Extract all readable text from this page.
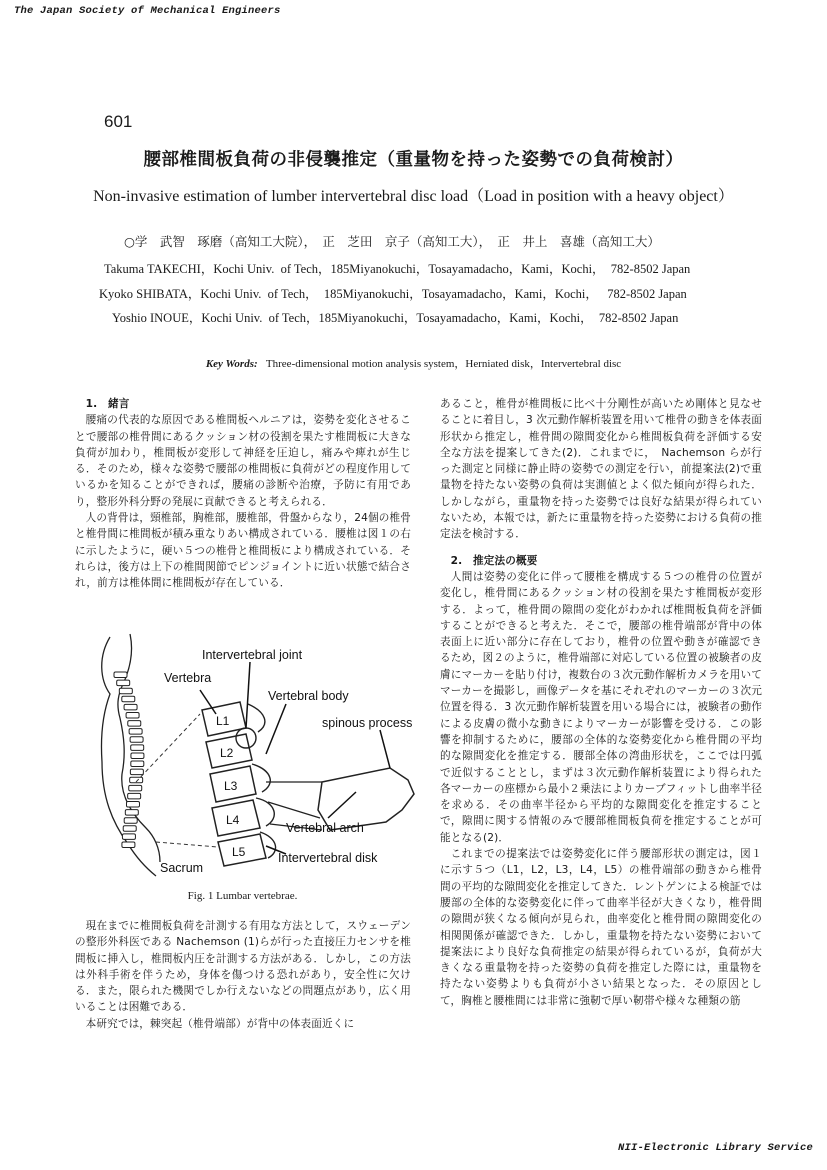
The Japan Society of Mechanical Engineers
601
腰部椎間板負荷の非侵襲推定（重量物を持った姿勢での負荷検討）
Non-invasive estimation of lumber intervertebral disc load（Load in position with a heavy object）
○学　武智　琢磨（高知工大院），　正　芝田　京子（高知工大），　正　井上　喜雄（高知工大）
Takuma TAKECHI，Kochi Univ.  of Tech，185Miyanokuchi，Tosayamadacho，Kami，Kochi，  782-8502 Japan
Kyoko SHIBATA，Kochi Univ.  of Tech，  185Miyanokuchi，Tosayamadacho，Kami，Kochi，   782-8502 Japan
Yoshio INOUE，Kochi Univ.  of Tech，185Miyanokuchi，Tosayamadacho，Kami，Kochi，  782-8502 Japan
Key Words: Three-dimensional motion analysis system，Herniated disk，Intervertebral disc

1.　緒言

腰痛の代表的な原因である椎間板ヘルニアは，姿勢を変化させることで腰部の椎骨間にあるクッション材の役割を果たす椎間板に大きな負荷が加わり，椎間板が変形して神経を圧迫し，痛みや痺れが生じる．そのため，様々な姿勢で腰部の椎間板に負荷がどの程度作用しているかを知ることができれば，腰痛の診断や治療，予防に有用であり，整形外科分野の発展に貢献できると考えられる．

人の背骨は，頸椎部，胸椎部，腰椎部，骨盤からなり，24個の椎骨と椎骨間に椎間板が積み重なりあい構成されている．腰椎は図１の右に示したように，硬い５つの椎骨と椎間板により構成されている．それらは，後方は上下の椎間関節でピンジョイントに近い状態で結合され，前方は椎体間に椎間板が存在している．

Intervertebral joint
Vertebra
Vertebral body
spinous process
Vertebral arch
Intervertebral disk
Sacrum
L1
L2
L3
L4
L5
Fig. 1 Lumbar vertebrae.

現在までに椎間板負荷を計測する有用な方法として，スウェーデンの整形外科医である Nachemson (1)らが行った直接圧力センサを椎間板に挿入し，椎間板内圧を計測する方法がある．しかし，この方法は外科手術を伴うため，身体を傷つける恐れがあり，安全性に欠ける．また，限られた機関でしか行えないなどの問題点があり，広く用いることは困難である．

本研究では，棘突起（椎骨端部）が背中の体表面近くに

あること，椎骨が椎間板に比べ十分剛性が高いため剛体と見なせることに着目し，3 次元動作解析装置を用いて椎骨の動きを体表面形状から推定し，椎骨間の隙間変化から椎間板負荷を評価する安全な方法を提案してきた(2)．これまでに，　Nachemson らが行った測定と同様に静止時の姿勢での測定を行い，前提案法(2)で重量物を持たない姿勢の負荷は実測値とよく似た傾向が得られた．しかしながら，重量物を持った姿勢では良好な結果が得られていないため，本報では，新たに重量物を持った姿勢における負荷の推定法を検討する．

2.　推定法の概要

人間は姿勢の変化に伴って腰椎を構成する５つの椎骨の位置が変化し，椎骨間にあるクッション材の役割を果たす椎間板が変形する．よって，椎骨間の隙間の変化がわかれば椎間板負荷を評価することができると考えた．そこで，腰部の椎骨端部が背中の体表面上に近い部分に存在しており，椎骨の位置や動きが確認できるため，図２のように，椎骨端部に対応している位置の被験者の皮膚にマーカーを貼り付け，複数台の３次元動作解析カメラを用いてマーカーを撮影し，画像データを基にそれぞれのマーカーの３次元位置を得る．3 次元動作解析装置を用いる場合には，被験者の動作による皮膚の微小な動きによりマーカーが影響を受ける．この影響を抑制するために，腰部の全体的な姿勢変化から椎骨間の平均的な隙間変化を推定する．腰部全体の湾曲形状を，ここでは円弧で近似することとし，まずは３次元動作解析装置により得られた各マーカーの座標から最小２乗法によりカーブフィットし曲率半径を求める．その曲率半径から平均的な隙間変化を推定することで，隙間に関する情報のみで腰部椎間板負荷を推定することが可能となる(2)．

これまでの提案法では姿勢変化に伴う腰部形状の測定は，図１に示す５つ（L1，L2，L3，L4，L5）の椎骨端部の動きから椎骨間の平均的な隙間変化を推定してきた．レントゲンによる検証では腰部の全体的な姿勢変化に伴って曲率半径が大きくなり，椎骨間の隙間が狭くなる傾向が見られ，曲率変化と椎骨間の隙間変化の相関関係が確認できた．しかし，重量物を持たない姿勢において提案法により良好な負荷推定の結果が得られているが，負荷が大きくなる重量物を持った姿勢の負荷を推定した際には，重量物を持たない姿勢よりも負荷が小さい結果となった．その原因として，胸椎と腰椎間には非常に強靭で厚い靭帯や様々な種類の筋

NII-Electronic Library Service
